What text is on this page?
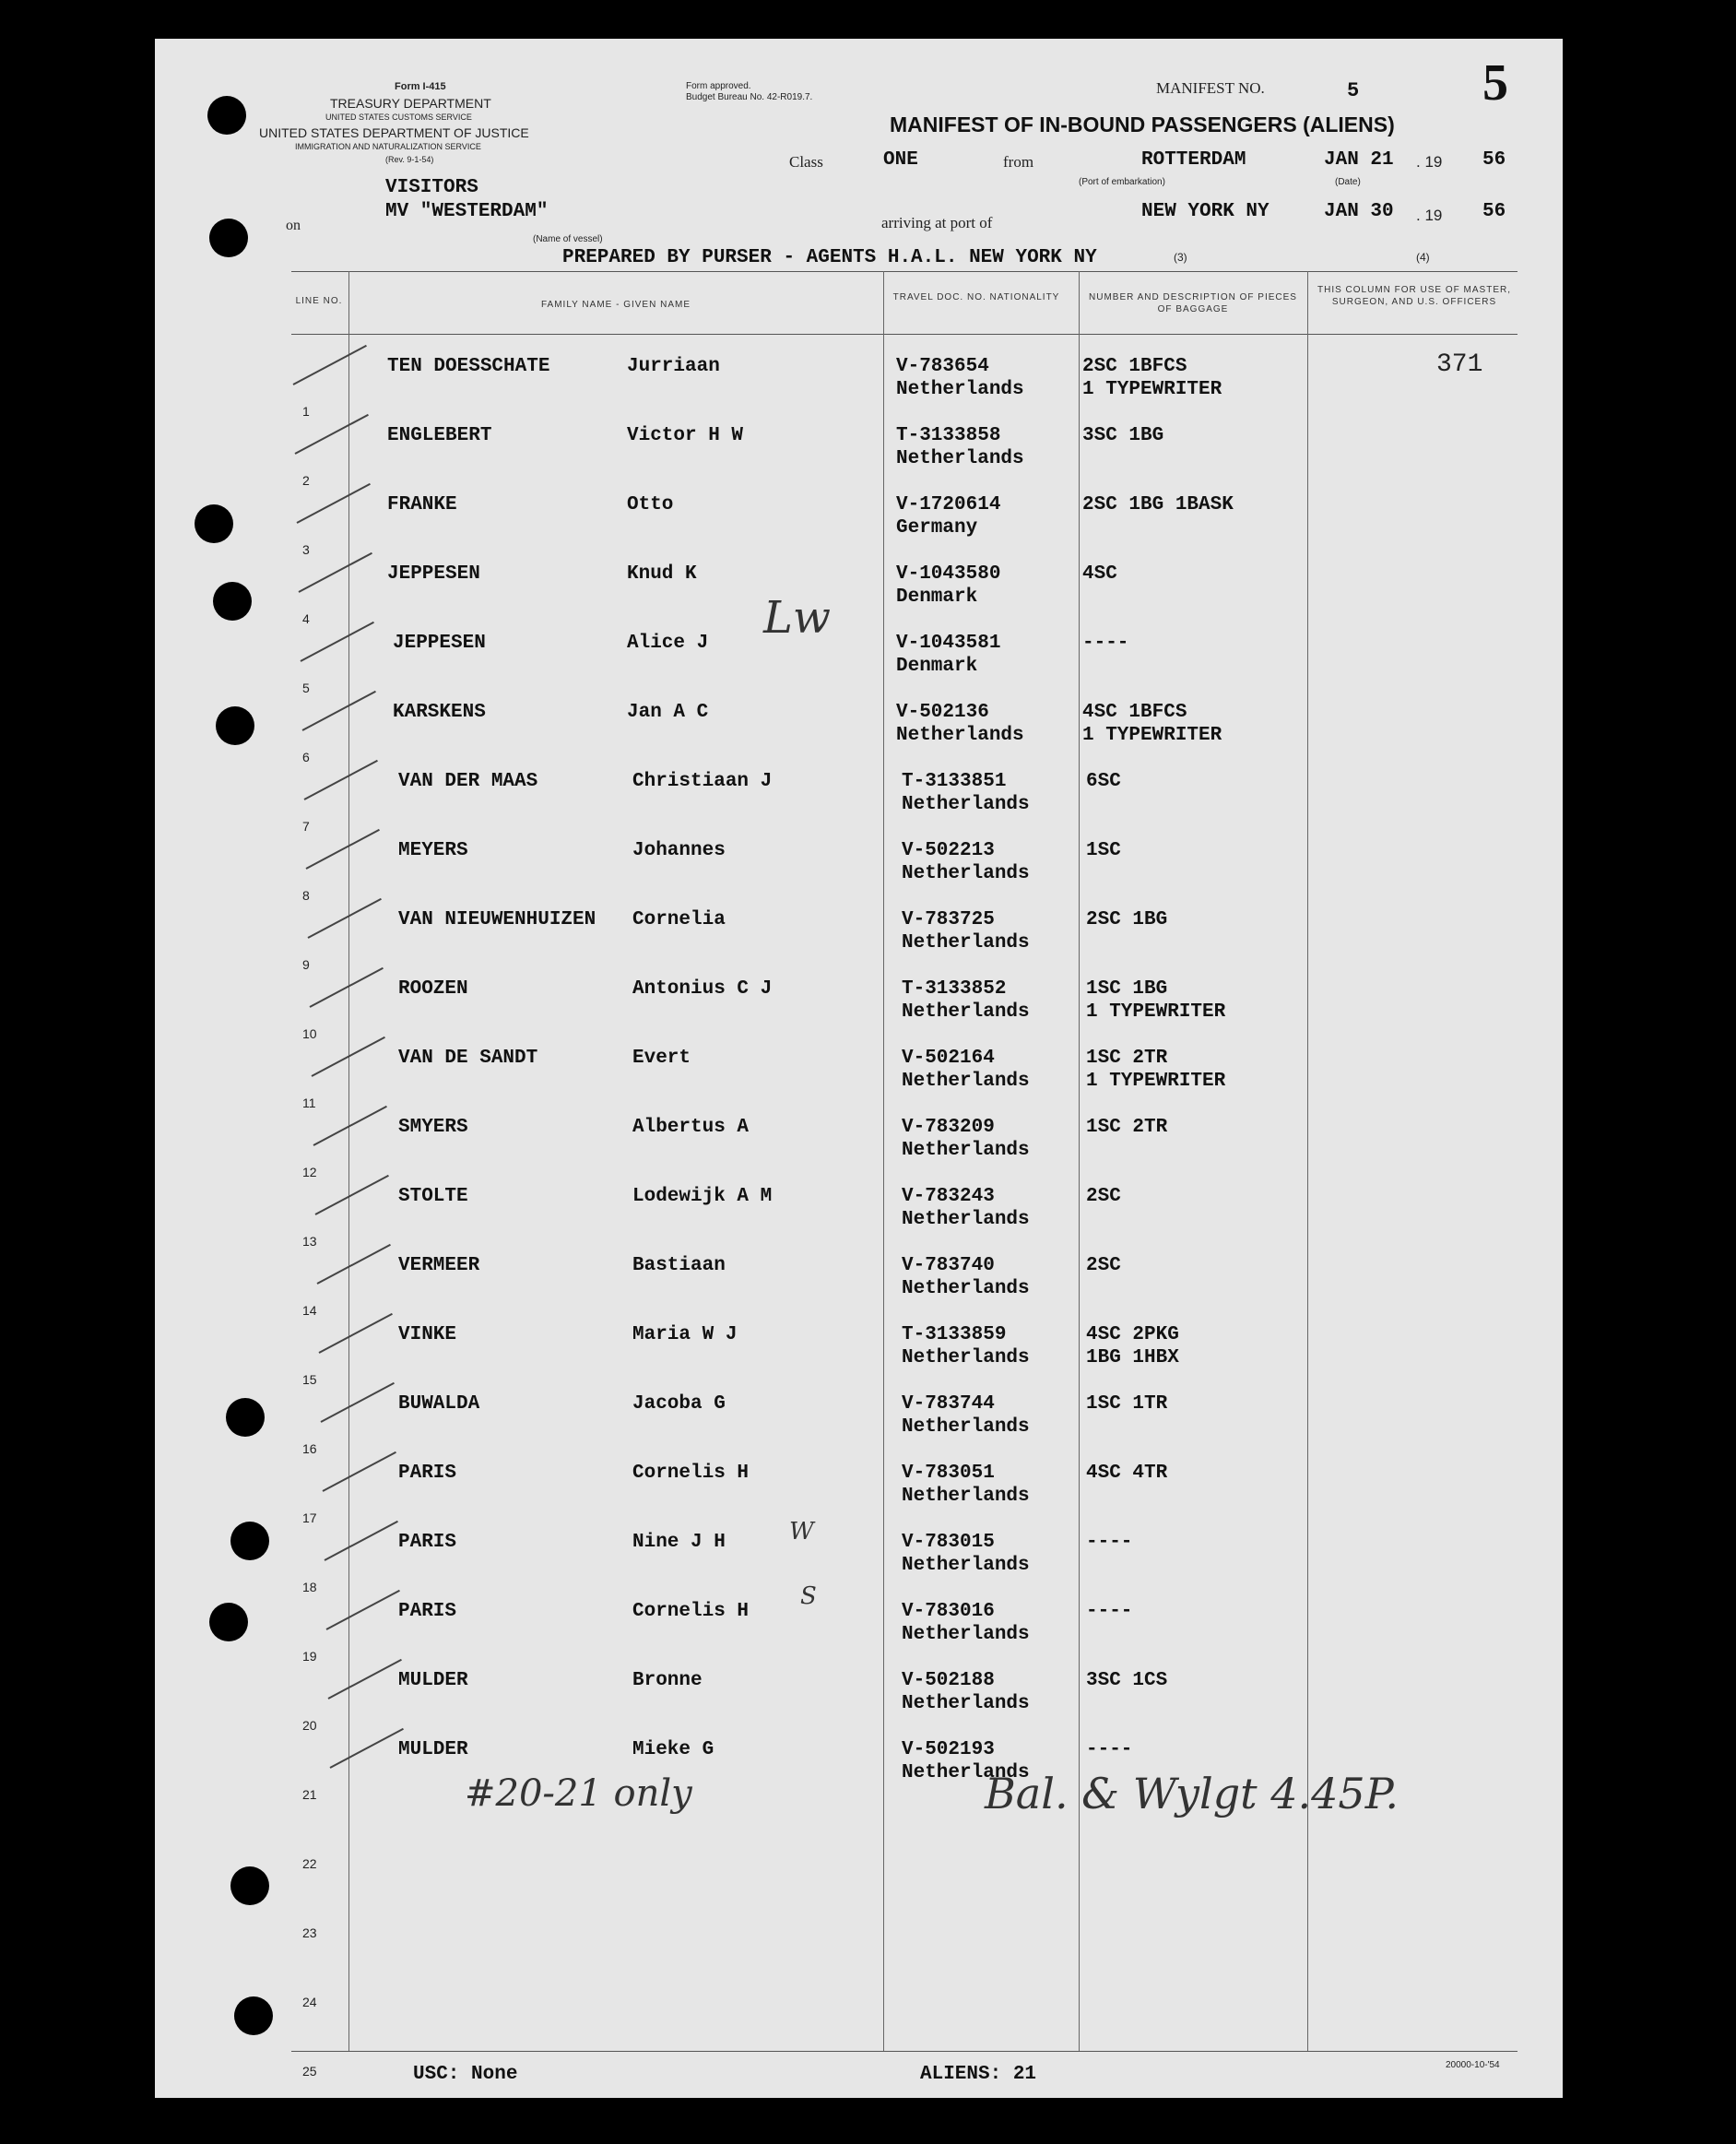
Form I-415
TREASURY DEPARTMENT
UNITED STATES CUSTOMS SERVICE
UNITED STATES DEPARTMENT OF JUSTICE
IMMIGRATION AND NATURALIZATION SERVICE
(Rev. 9-1-54)
Form approved.
Budget Bureau No. 42-R019.7.
MANIFEST NO.	5 5
MANIFEST OF IN-BOUND PASSENGERS (ALIENS)
Class	ONE	from	ROTTERDAM
(Port of embarkation)
JAN 21
(Date)
. 19 56
VISITORS
on
MV "WESTERDAM"
(Name of vessel)
arriving at port of
NEW YORK NY	JAN 30 . 19 56
PREPARED BY PURSER - AGENTS H.A.L. NEW YORK NY	(3)	(4)
LINE NO.	FAMILY NAME - GIVEN NAME
TRAVEL DOC. NO. NATIONALITY	NUMBER AND DESCRIPTION OF PIECES OF BAGGAGE
THIS COLUMN FOR USE OF MASTER, SURGEON, AND U.S. OFFICERS
371
1
TEN DOESSCHATE	Jurriaan	V-783654
Netherlands
2SC 1BFCS
1 TYPEWRITER
2
ENGLEBERT	Victor H W	T-3133858
Netherlands
3SC 1BG
3
FRANKE	Otto	V-1720614
Germany
2SC 1BG 1BASK
4
JEPPESEN	Knud K	V-1043580
Denmark
4SC
5
JEPPESEN	Alice J	V-1043581
Denmark
----
6
KARSKENS	Jan A C	V-502136
Netherlands
4SC 1BFCS
1 TYPEWRITER
7
VAN DER MAAS	Christiaan J	T-3133851
Netherlands
6SC
8
MEYERS	Johannes	V-502213
Netherlands
1SC
9
VAN NIEUWENHUIZEN Cornelia	V-783725
Netherlands
2SC 1BG
10
ROOZEN	Antonius C J	T-3133852
Netherlands
1SC 1BG
1 TYPEWRITER
11
VAN DE SANDT	Evert	V-502164
Netherlands
1SC 2TR
1 TYPEWRITER
12
SMYERS	Albertus A	V-783209
Netherlands
1SC 2TR
13
STOLTE	Lodewijk A M	V-783243
Netherlands
2SC
14
VERMEER	Bastiaan	V-783740
Netherlands
2SC
15
VINKE	Maria W J	T-3133859
Netherlands
4SC 2PKG
1BG 1HBX
16
BUWALDA	Jacoba G	V-783744
Netherlands
1SC 1TR
17
PARIS	Cornelis H	V-783051
Netherlands
4SC 4TR
18
PARIS	Nine J H	V-783015
Netherlands
----
19
PARIS	Cornelis H	V-783016
Netherlands
----
20
MULDER	Bronne	V-502188
Netherlands
3SC 1CS
21
MULDER	Mieke G	V-502193
Netherlands
----
22
23
24
25
#20-21 only	Bal. & Wylgt 4.45P.
Lw
W
S
USC: None	ALIENS: 21	20000-10-'54
